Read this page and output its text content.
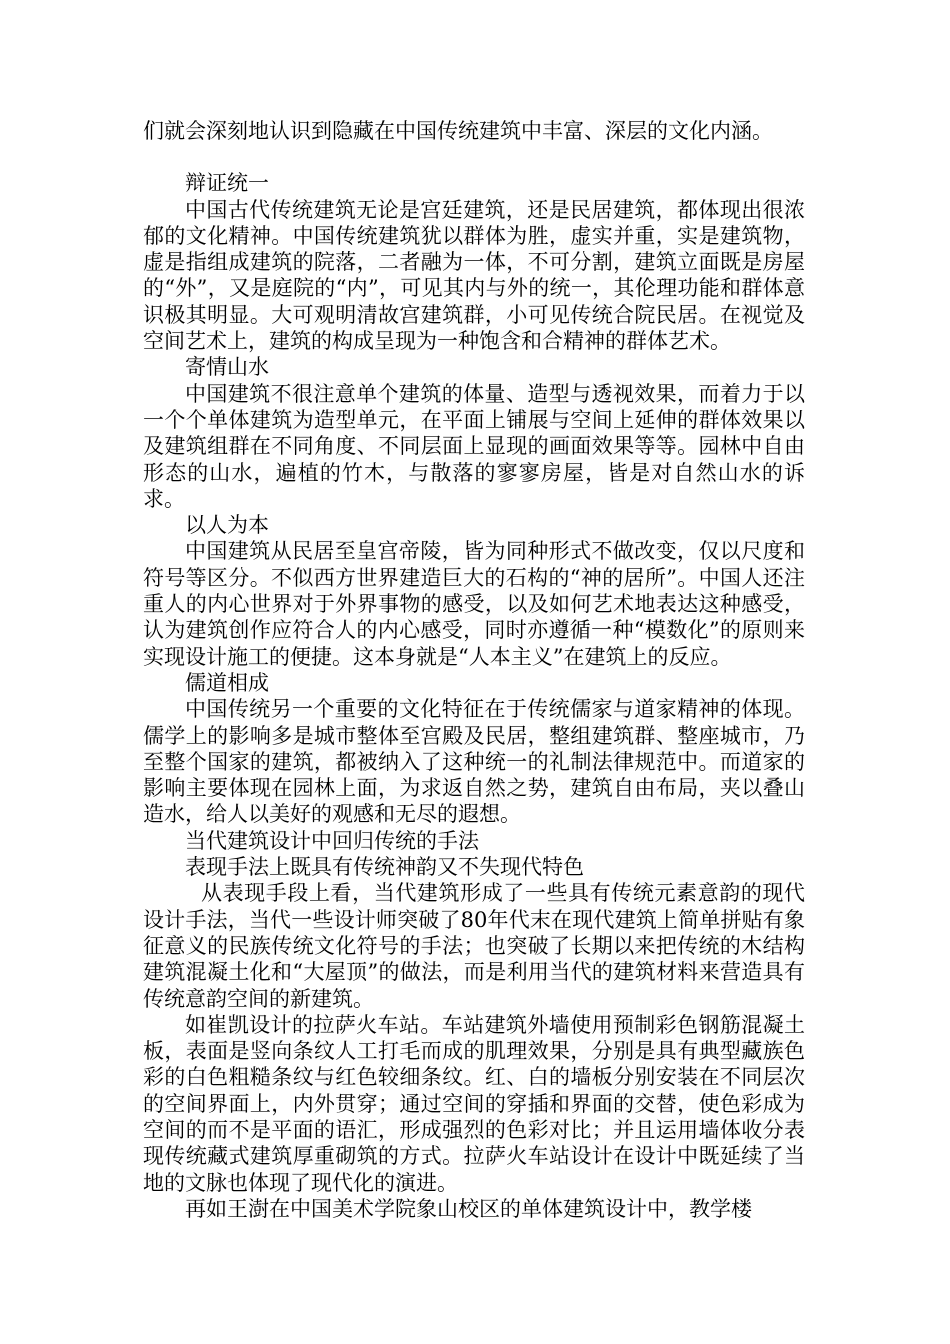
们就会深刻地认识到隐藏在中国传统建筑中丰富、深层的文化内涵。

辩证统一

中国古代传统建筑无论是宫廷建筑，还是民居建筑，都体现出很浓郁的文化精神。中国传统建筑犹以群体为胜，虚实并重，实是建筑物，虚是指组成建筑的院落，二者融为一体，不可分割，建筑立面既是房屋的“外”，又是庭院的“内”，可见其内与外的统一，其伦理功能和群体意识极其明显。大可观明清故宫建筑群，小可见传统合院民居。在视觉及空间艺术上，建筑的构成呈现为一种饱含和合精神的群体艺术。

寄情山水

中国建筑不很注意单个建筑的体量、造型与透视效果，而着力于以一个个单体建筑为造型单元，在平面上铺展与空间上延伸的群体效果以及建筑组群在不同角度、不同层面上显现的画面效果等等。园林中自由形态的山水，遍植的竹木，与散落的寥寥房屋，皆是对自然山水的诉求。

以人为本

中国建筑从民居至皇宫帝陵，皆为同种形式不做改变，仅以尺度和符号等区分。不似西方世界建造巨大的石构的“神的居所”。中国人还注重人的内心世界对于外界事物的感受，以及如何艺术地表达这种感受，认为建筑创作应符合人的内心感受，同时亦遵循一种“模数化”的原则来实现设计施工的便捷。这本身就是“人本主义”在建筑上的反应。

儒道相成

中国传统另一个重要的文化特征在于传统儒家与道家精神的体现。儒学上的影响多是城市整体至宫殿及民居，整组建筑群、整座城市，乃至整个国家的建筑，都被纳入了这种统一的礼制法律规范中。而道家的影响主要体现在园林上面，为求返自然之势，建筑自由布局，夹以叠山造水，给人以美好的观感和无尽的遐想。

当代建筑设计中回归传统的手法

表现手法上既具有传统神韵又不失现代特色

从表现手段上看，当代建筑形成了一些具有传统元素意韵的现代设计手法，当代一些设计师突破了80年代末在现代建筑上简单拼贴有象征意义的民族传统文化符号的手法；也突破了长期以来把传统的木结构建筑混凝土化和“大屋顶”的做法，而是利用当代的建筑材料来营造具有传统意韵空间的新建筑。

如崔凯设计的拉萨火车站。车站建筑外墙使用预制彩色钢筋混凝土板，表面是竖向条纹人工打毛而成的肌理效果，分别是具有典型藏族色彩的白色粗糙条纹与红色较细条纹。红、白的墙板分别安装在不同层次的空间界面上，内外贯穿；通过空间的穿插和界面的交替，使色彩成为空间的而不是平面的语汇，形成强烈的色彩对比；并且运用墙体收分表现传统藏式建筑厚重砌筑的方式。拉萨火车站设计在设计中既延续了当地的文脉也体现了现代化的演进。

再如王澍在中国美术学院象山校区的单体建筑设计中，教学楼
